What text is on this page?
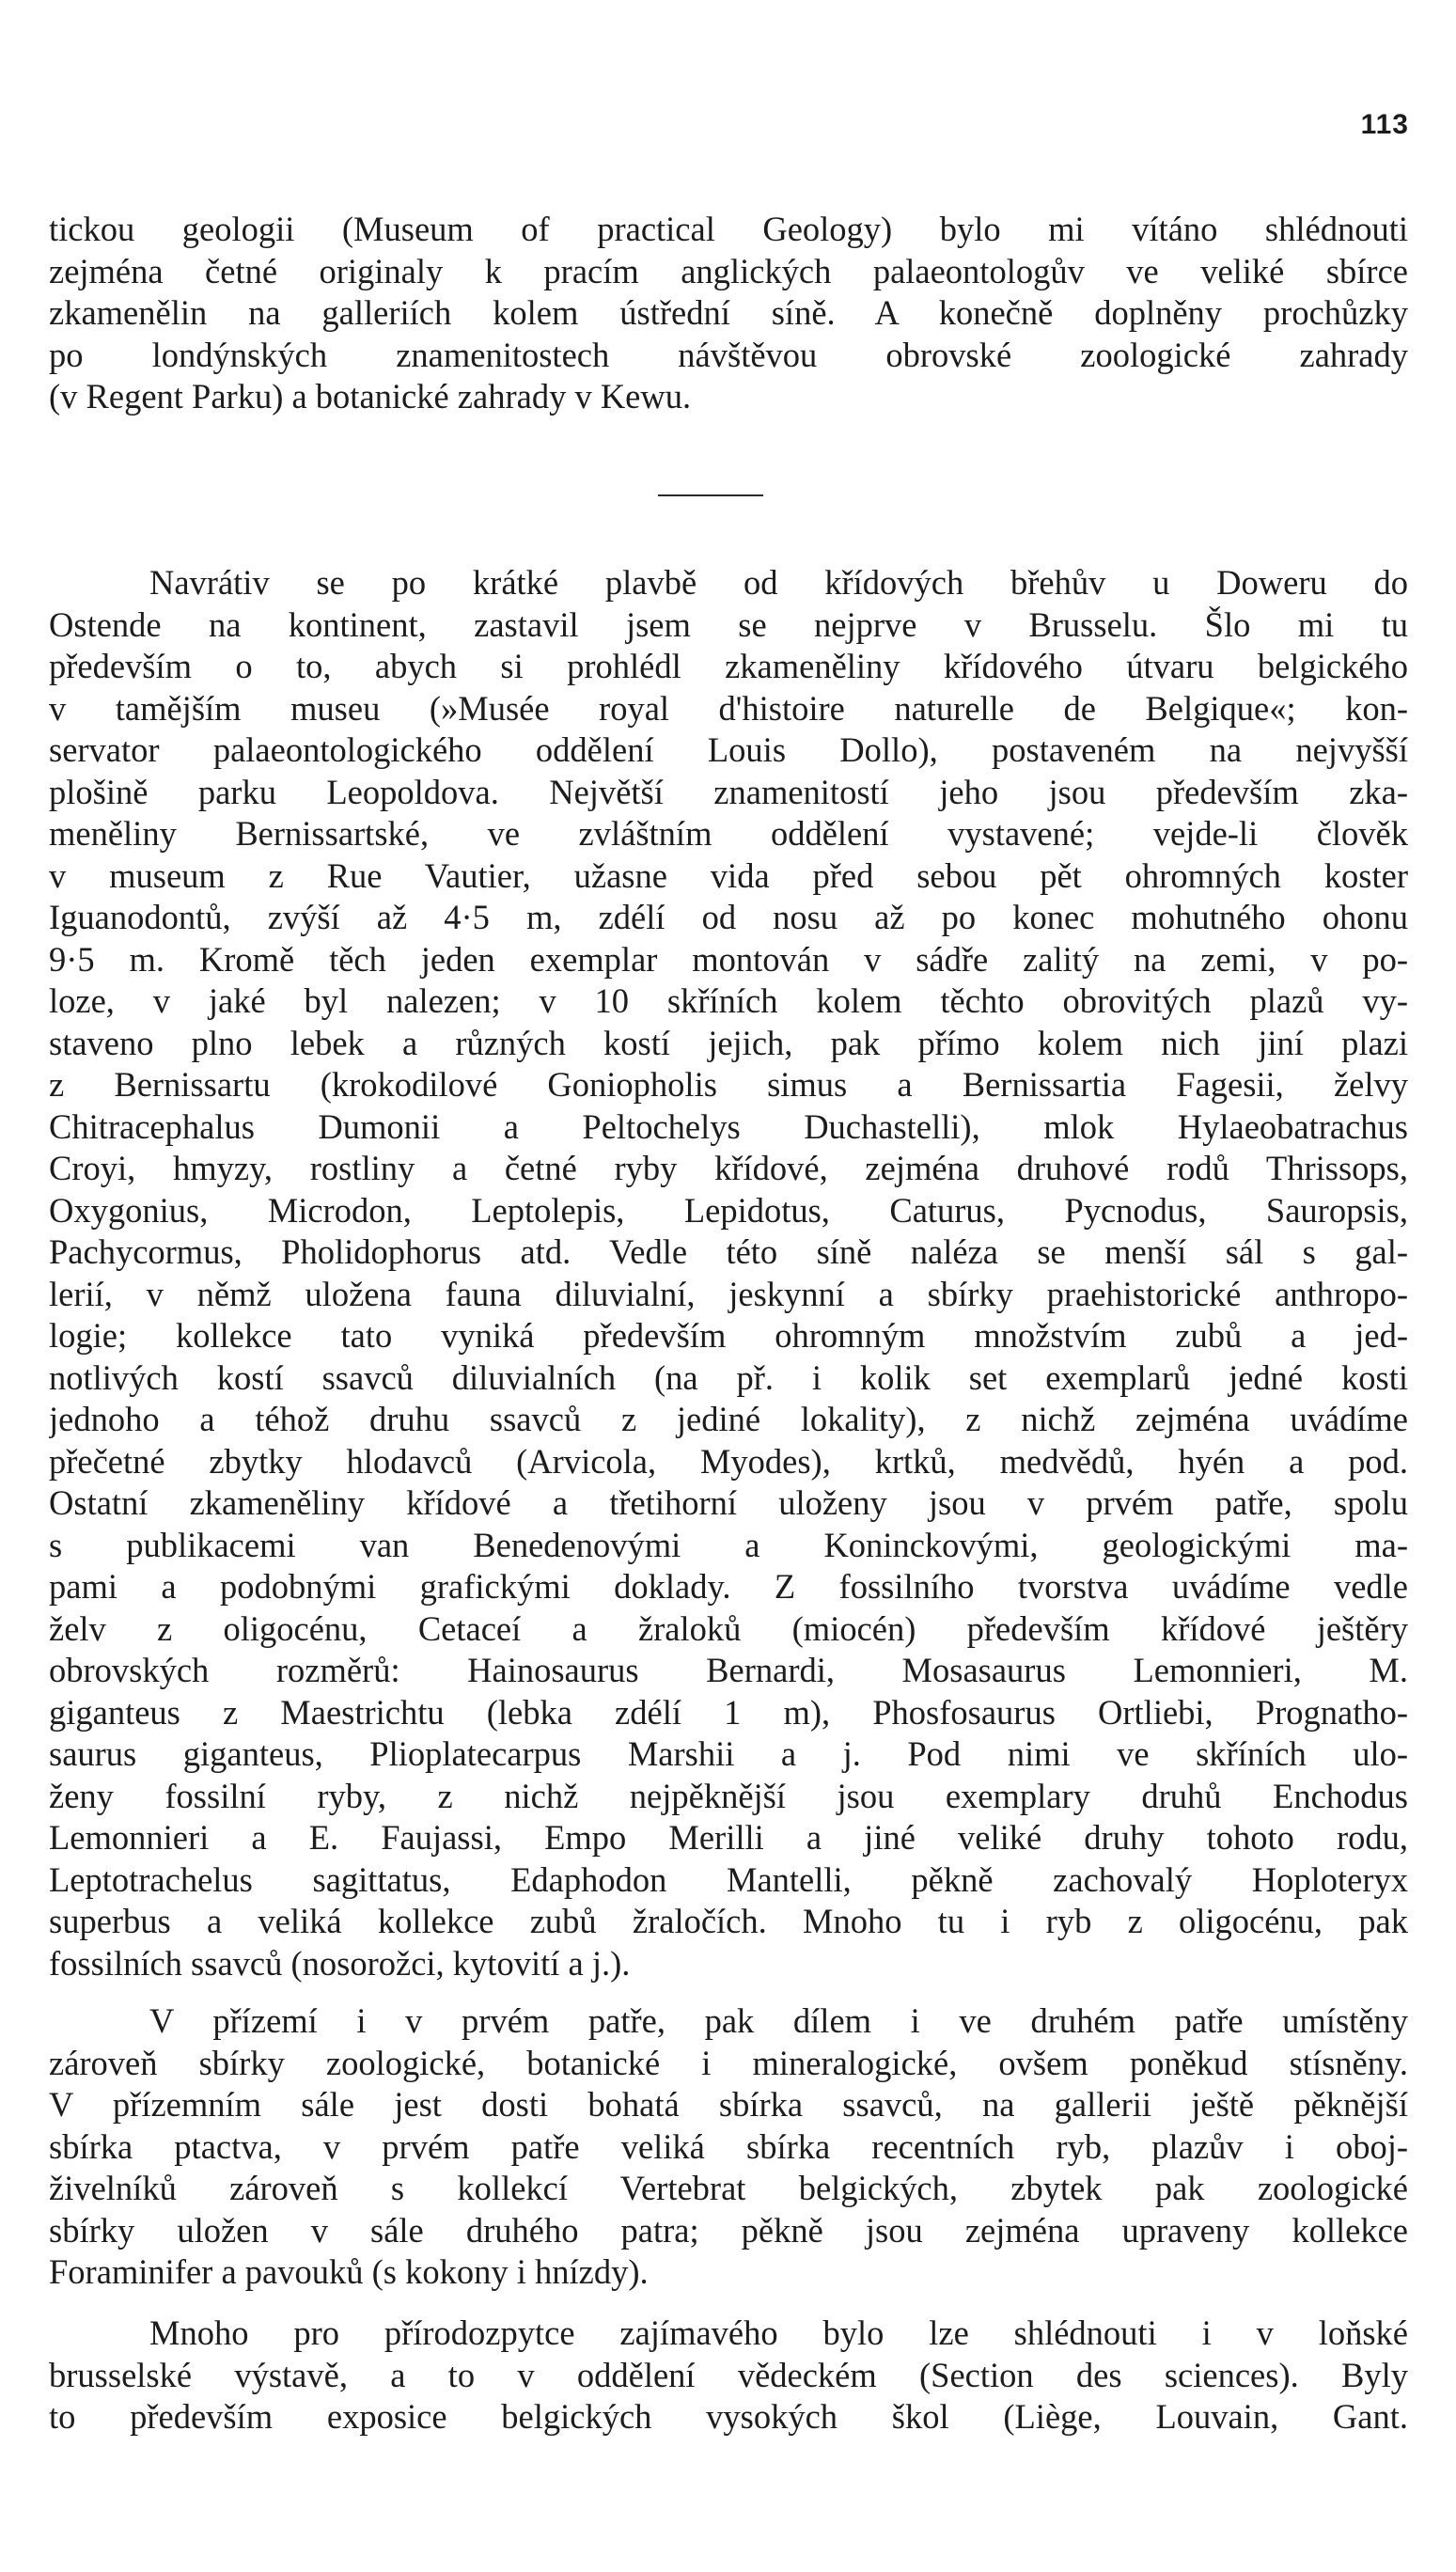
113

tickou geologii (Museum of practical Geology) bylo mi vítáno shlédnouti
zejména četné originaly k pracím anglických palaeontologův ve veliké sbírce
zkamenělin na galleriích kolem ústřední síně. A konečně doplněny prochůzky
po londýnských znamenitostech návštěvou obrovské zoologické zahrady
(v Regent Parku) a botanické zahrady v Kewu.
Navrátiv se po krátké plavbě od křídových břehův u Doweru do
Ostende na kontinent, zastavil jsem se nejprve v Brusselu. Šlo mi tu
především o to, abych si prohlédl zkameněliny křídového útvaru belgického
v tamějším museu (»Musée royal d'histoire naturelle de Belgique«; kon-
servator palaeontologického oddělení Louis Dollo), postaveném na nejvyšší
plošině parku Leopoldova. Největší znamenitostí jeho jsou především zka-
meněliny Bernissartské, ve zvláštním oddělení vystavené; vejde-li člověk
v museum z Rue Vautier, užasne vida před sebou pět ohromných koster
Iguanodontů, zvýší až 4·5 m, zdélí od nosu až po konec mohutného ohonu
9·5 m. Kromě těch jeden exemplar montován v sádře zalitý na zemi, v po-
loze, v jaké byl nalezen; v 10 skříních kolem těchto obrovitých plazů vy-
staveno plno lebek a různých kostí jejich, pak přímo kolem nich jiní plazi
z Bernissartu (krokodilové Goniopholis simus a Bernissartia Fagesii, želvy
Chitracephalus Dumonii a Peltochelys Duchastelli), mlok Hylaeobatrachus
Croyi, hmyzy, rostliny a četné ryby křídové, zejména druhové rodů Thrissops,
Oxygonius, Microdon, Leptolepis, Lepidotus, Caturus, Pycnodus, Sauropsis,
Pachycormus, Pholidophorus atd. Vedle této síně naléza se menší sál s gal-
lerií, v němž uložena fauna diluvialní, jeskynní a sbírky praehistorické anthropo-
logie; kollekce tato vyniká především ohromným množstvím zubů a jed-
notlivých kostí ssavců diluvialních (na př. i kolik set exemplarů jedné kosti
jednoho a téhož druhu ssavců z jediné lokality), z nichž zejména uvádíme
přečetné zbytky hlodavců (Arvicola, Myodes), krtků, medvědů, hyén a pod.
Ostatní zkameněliny křídové a třetihorní uloženy jsou v prvém patře, spolu
s publikacemi van Benedenovými a Koninckovými, geologickými ma-
pami a podobnými grafickými doklady. Z fossilního tvorstva uvádíme vedle
želv z oligocénu, Cetaceí a žraloků (miocén) především křídové ještěry
obrovských rozměrů: Hainosaurus Bernardi, Mosasaurus Lemonnieri, M.
giganteus z Maestrichtu (lebka zdélí 1 m), Phosfosaurus Ortliebi, Prognatho-
saurus giganteus, Plioplatecarpus Marshii a j. Pod nimi ve skříních ulo-
ženy fossilní ryby, z nichž nejpěknější jsou exemplary druhů Enchodus
Lemonnieri a E. Faujassi, Empo Merilli a jiné veliké druhy tohoto rodu,
Leptotrachelus sagittatus, Edaphodon Mantelli, pěkně zachovalý Hoploteryx
superbus a veliká kollekce zubů žraločích. Mnoho tu i ryb z oligocénu, pak
fossilních ssavců (nosorožci, kytovití a j.).
V přízemí i v prvém patře, pak dílem i ve druhém patře umístěny
zároveň sbírky zoologické, botanické i mineralogické, ovšem poněkud stísněny.
V přízemním sále jest dosti bohatá sbírka ssavců, na gallerii ještě pěknější
sbírka ptactva, v prvém patře veliká sbírka recentních ryb, plazův i oboj-
živelníků zároveň s kollekcí Vertebrat belgických, zbytek pak zoologické
sbírky uložen v sále druhého patra; pěkně jsou zejména upraveny kollekce
Foraminifer a pavouků (s kokony i hnízdy).
Mnoho pro přírodozpytce zajímavého bylo lze shlédnouti i v loňské
brusselské výstavě, a to v oddělení vědeckém (Section des sciences). Byly
to především exposice belgických vysokých škol (Liège, Louvain, Gant.
